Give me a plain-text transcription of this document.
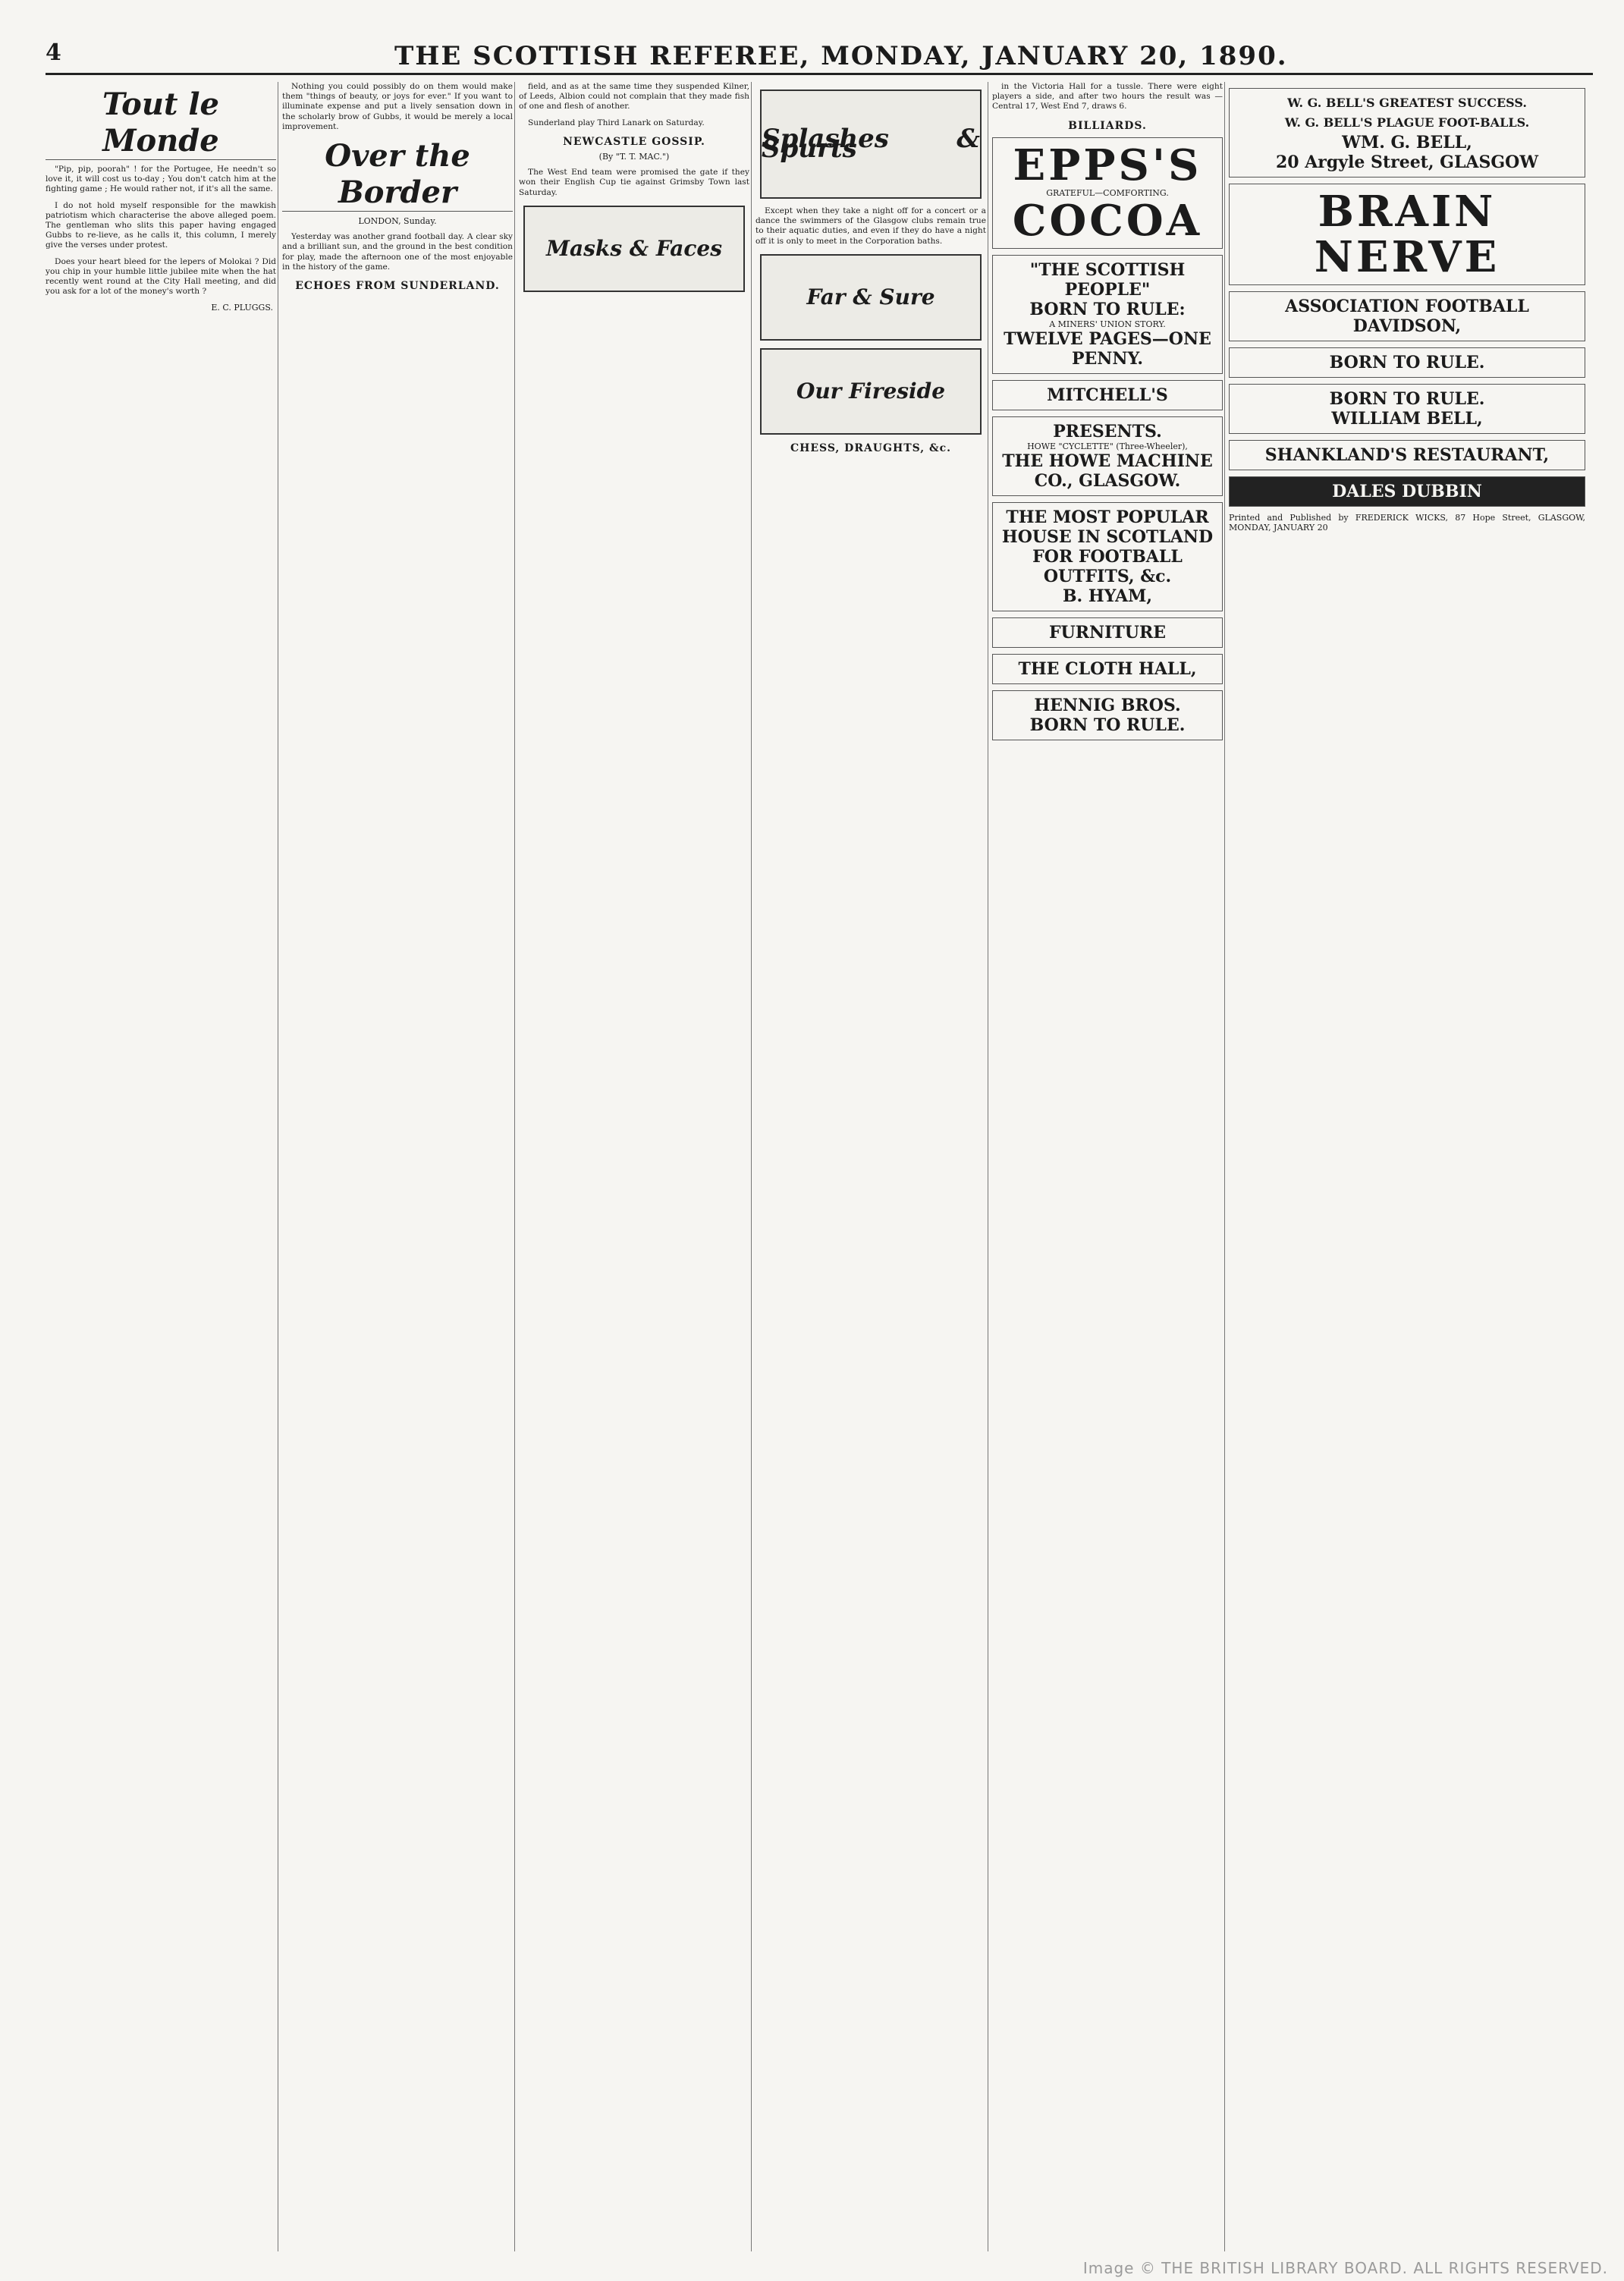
4	THE SCOTTISH REFEREE, MONDAY, JANUARY 20, 1890.
Tout le Monde

"Pip, pip, poorah" ! for the Portugee, He needn't so love it, it will cost us to-day ; You don't catch him at the fighting game ; He would rather not, if it's all the same.

I do not hold myself responsible for the mawkish patriotism which characterise the above alleged poem. The gentleman who slits this paper having engaged Gubbs to re-lieve, as he calls it, this column, I merely give the verses under protest.

Does your heart bleed for the lepers of Molokai ? Did you chip in your humble little jubilee mite when the hat recently went round at the City Hall meeting, and did you ask for a lot of the money's worth ?

E. C. PLUGGS.

Nothing you could possibly do on them would make them "things of beauty, or joys for ever." If you want to illuminate expense and put a lively sensation down in the scholarly brow of Gubbs, it would be merely a local improvement.

Over the Border
LONDON, Sunday.

Yesterday was another grand football day. A clear sky and a brilliant sun, and the ground in the best condition for play, made the afternoon one of the most enjoyable in the history of the game.

ECHOES FROM SUNDERLAND.

field, and as at the same time they suspended Kilner, of Leeds, Albion could not complain that they made fish of one and flesh of another.

Sunderland play Third Lanark on Saturday.

NEWCASTLE GOSSIP.
(By "T. T. MAC.")

The West End team were promised the gate if they won their English Cup tie against Grimsby Town last Saturday.

Masks & Faces
Splashes & Spurts

Except when they take a night off for a concert or a dance the swimmers of the Glasgow clubs remain true to their aquatic duties, and even if they do have a night off it is only to meet in the Corporation baths.

Far & Sure
Our Fireside
CHESS, DRAUGHTS, &c.

in the Victoria Hall for a tussle. There were eight players a side, and after two hours the result was — Central 17, West End 7, draws 6.

BILLIARDS.
EPPS'S
GRATEFUL—COMFORTING.
COCOA
"THE SCOTTISH PEOPLE"
BORN TO RULE:
A MINERS' UNION STORY.
TWELVE PAGES—ONE PENNY.
MITCHELL'S
PRESENTS.
HOWE "CYCLETTE" (Three-Wheeler),
THE HOWE MACHINE CO., GLASGOW.
THE MOST POPULAR HOUSE IN SCOTLAND FOR FOOTBALL OUTFITS, &c.
B. HYAM,
FURNITURE
THE CLOTH HALL,
HENNIG BROS.
BORN TO RULE.
W. G. BELL'S GREATEST SUCCESS.
W. G. BELL'S PLAGUE FOOT-BALLS.
WM. G. BELL,
20 Argyle Street, GLASGOW
BRAIN
NERVE
ASSOCIATION FOOTBALL
DAVIDSON,
BORN TO RULE.
BORN TO RULE.
WILLIAM BELL,
SHANKLAND'S RESTAURANT,
DALES DUBBIN
Printed and Published by FREDERICK WICKS, 87 Hope Street, GLASGOW, MONDAY, JANUARY 20
Image © THE BRITISH LIBRARY BOARD. ALL RIGHTS RESERVED.
